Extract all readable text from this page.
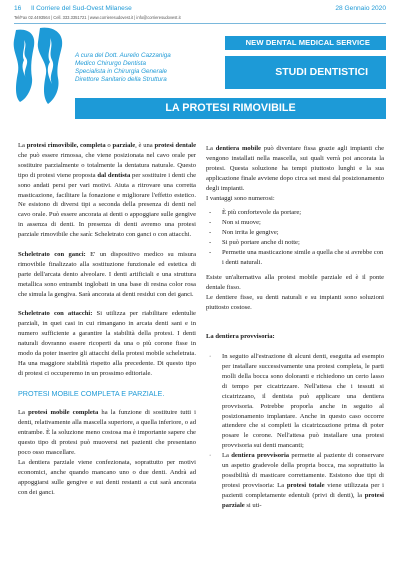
16 Il Corriere del Sud-Ovest Milanese	28 Gennaio 2020
Tel/Fax 02.4493564 | Cell. 333.3351721 | www.corrieresudovest.it | info@corrieresudovest.it
A cura del Dott. Aurelio Cazzaniga
Medico Chirurgo Dentista
Specialista in Chirurgia Generale
Direttore Sanitario della Struttura
NEW DENTAL MEDICAL SERVICE
STUDI DENTISTICI
LA PROTESI RIMOVIBILE

La protesi rimovibile, completa o parziale, è una protesi dentale che può essere rimossa, che viene posizionata nel cavo orale per sostituire parzialmente o totalmente la dentatura naturale. Questo tipo di protesi viene proposta dal dentista per sostituire i denti che sono andati persi per vari motivi. Aiuta a ritrovare una corretta masticazione, facilitare la fonazione e migliorare l'effetto estetico. Ne esistono di diversi tipi a seconda della presenza di denti nel cavo orale. Può essere ancorata ai denti o appoggiare sulle gengive in assenza di denti. In presenza di denti avremo una protesi parziale rimovibile che sarà: Scheletrato con ganci o con attacchi.

Scheletrato con ganci: E' un dispositivo medico su misura rimovibile finalizzato alla sostituzione funzionale ed estetica di parte dell'arcata dento alveolare. I denti artificiali e una struttura metallica sono entrambi inglobati in una base di resina color rosa che simula la gengiva. Sarà ancorata ai denti residui con dei ganci.

Scheletrato con attacchi: Si utilizza per riabilitare edentulie parziali, in quei casi in cui rimangano in arcata denti sani e in numero sufficiente a garantire la stabilità della protesi. I denti naturali dovranno essere ricoperti da una o più corone fisse in modo da poter inserire gli attacchi della protesi mobile scheletrata. Ha una maggiore stabilità rispetto alla precedente. Di questo tipo di protesi ci occuperemo in un prossimo editoriale.

PROTESI MOBILE COMPLETA E PARZIALE.

La protesi mobile completa ha la funzione di sostituire tutti i denti, relativamente alla mascella superiore, a quella inferiore, o ad entrambe. È la soluzione meno costosa ma è importante sapere che questo tipo di protesi può muoversi nei pazienti che presentano poco osso mascellare.

La dentiera parziale viene confezionata, soprattutto per motivi economici, anche quando mancano uno o due denti. Andrà ad appoggiarsi sulle gengive e sui denti restanti a cui sarà ancorata con dei ganci.

La dentiera mobile può diventare fissa grazie agli impianti che vengono installati nella mascella, sui quali verrà poi ancorata la protesi. Questa soluzione ha tempi piuttosto lunghi e la sua applicazione finale avviene dopo circa sei mesi dal posizionamento degli impianti.

I vantaggi sono numerosi:

- È più confortevole da portare;
- Non si muove;
- Non irrita le gengive;
- Si può portare anche di notte;
- Permette una masticazione simile a quella che si avrebbe con i denti naturali.

Esiste un'alternativa alla protesi mobile parziale ed è il ponte dentale fisso.

Le dentiere fisse, su denti naturali e su impianti sono soluzioni piuttosto costose.

La dentiera provvisoria:

· In seguito all'estrazione di alcuni denti, eseguita ad esempio per installare successivamente una protesi completa, le parti molli della bocca sono doloranti e richiedono un certo lasso di tempo per cicatrizzare. Nell'attesa che i tessuti si cicatrizzano, il dentista può applicare una dentiera provvisoria. Potrebbe proporla anche in seguito al posizionamento implantare. Anche in questo caso occorre attendere che si completi la cicatrizzazione prima di poter posare le corone. Nell'attesa può installare una protesi provvisoria sui denti mancanti;
· La dentiera provvisoria permette al paziente di conservare un aspetto gradevole della propria bocca, ma soprattutto la possibilità di masticare correttamente. Esistono due tipi di protesi provvisoria: La protesi totale viene utilizzata per i pazienti completamente edentuli (privi di denti), la protesi parziale si uti-
